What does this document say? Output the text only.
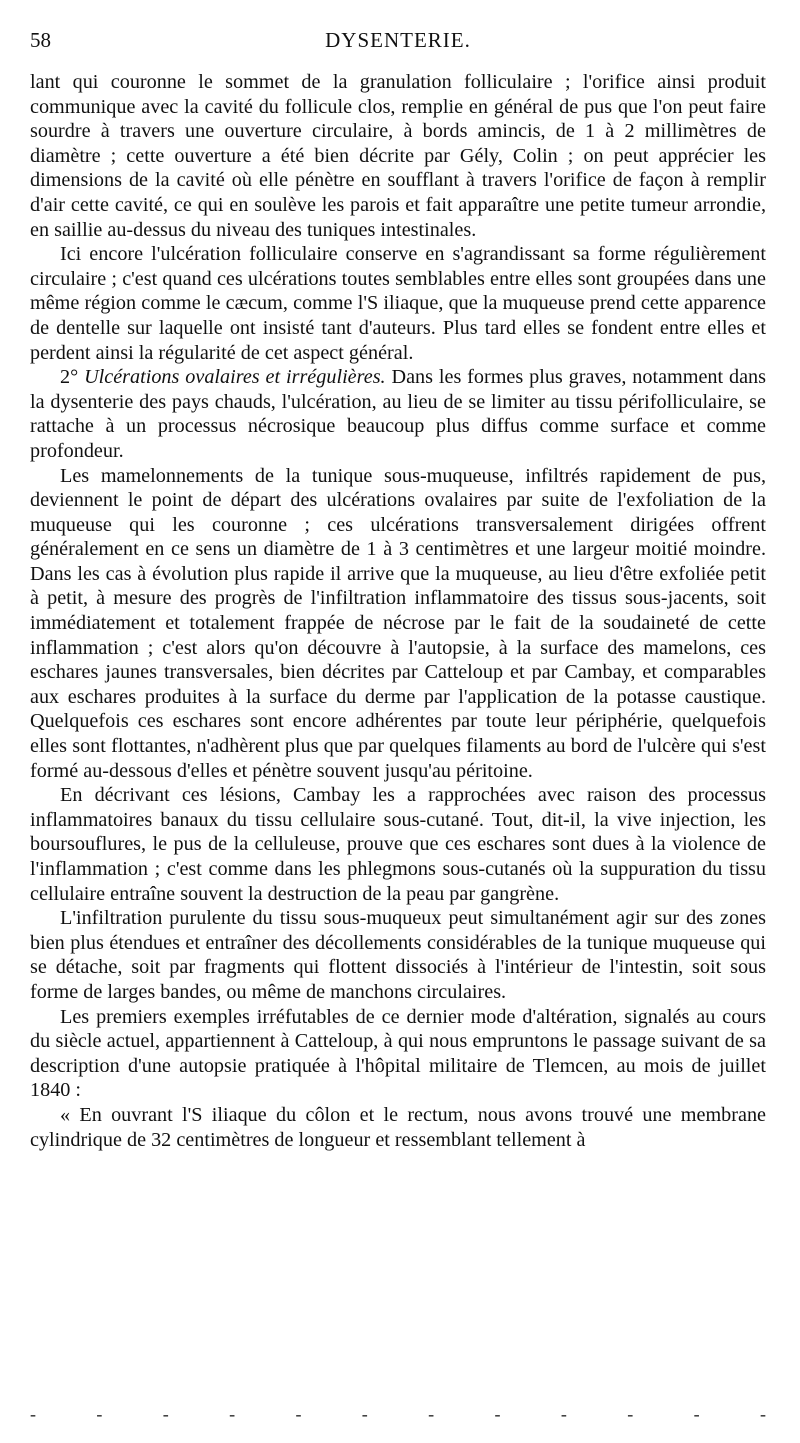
58	DYSENTERIE.

lant qui couronne le sommet de la granulation folliculaire ; l'orifice ainsi produit communique avec la cavité du follicule clos, remplie en général de pus que l'on peut faire sourdre à travers une ouverture circulaire, à bords amincis, de 1 à 2 millimètres de diamètre ; cette ouverture a été bien décrite par Gély, Colin ; on peut apprécier les dimensions de la cavité où elle pénètre en soufflant à travers l'orifice de façon à remplir d'air cette cavité, ce qui en soulève les parois et fait apparaître une petite tumeur arrondie, en saillie au-dessus du niveau des tuniques intestinales.

Ici encore l'ulcération folliculaire conserve en s'agrandissant sa forme régulièrement circulaire ; c'est quand ces ulcérations toutes semblables entre elles sont groupées dans une même région comme le cæcum, comme l'S iliaque, que la muqueuse prend cette apparence de dentelle sur laquelle ont insisté tant d'auteurs. Plus tard elles se fondent entre elles et perdent ainsi la régularité de cet aspect général.

2° Ulcérations ovalaires et irrégulières. Dans les formes plus graves, notamment dans la dysenterie des pays chauds, l'ulcération, au lieu de se limiter au tissu périfolliculaire, se rattache à un processus nécrosique beaucoup plus diffus comme surface et comme profondeur.

Les mamelonnements de la tunique sous-muqueuse, infiltrés rapidement de pus, deviennent le point de départ des ulcérations ovalaires par suite de l'exfoliation de la muqueuse qui les couronne ; ces ulcérations transversalement dirigées offrent généralement en ce sens un diamètre de 1 à 3 centimètres et une largeur moitié moindre. Dans les cas à évolution plus rapide il arrive que la muqueuse, au lieu d'être exfoliée petit à petit, à mesure des progrès de l'infiltration inflammatoire des tissus sous-jacents, soit immédiatement et totalement frappée de nécrose par le fait de la soudaineté de cette inflammation ; c'est alors qu'on découvre à l'autopsie, à la surface des mamelons, ces eschares jaunes transversales, bien décrites par Catteloup et par Cambay, et comparables aux eschares produites à la surface du derme par l'application de la potasse caustique. Quelquefois ces eschares sont encore adhérentes par toute leur périphérie, quelquefois elles sont flottantes, n'adhèrent plus que par quelques filaments au bord de l'ulcère qui s'est formé au-dessous d'elles et pénètre souvent jusqu'au péritoine.

En décrivant ces lésions, Cambay les a rapprochées avec raison des processus inflammatoires banaux du tissu cellulaire sous-cutané. Tout, dit-il, la vive injection, les boursouflures, le pus de la celluleuse, prouve que ces eschares sont dues à la violence de l'inflammation ; c'est comme dans les phlegmons sous-cutanés où la suppuration du tissu cellulaire entraîne souvent la destruction de la peau par gangrène.

L'infiltration purulente du tissu sous-muqueux peut simultanément agir sur des zones bien plus étendues et entraîner des décollements considérables de la tunique muqueuse qui se détache, soit par fragments qui flottent dissociés à l'intérieur de l'intestin, soit sous forme de larges bandes, ou même de manchons circulaires.

Les premiers exemples irréfutables de ce dernier mode d'altération, signalés au cours du siècle actuel, appartiennent à Catteloup, à qui nous empruntons le passage suivant de sa description d'une autopsie pratiquée à l'hôpital militaire de Tlemcen, au mois de juillet 1840 :

« En ouvrant l'S iliaque du côlon et le rectum, nous avons trouvé une membrane cylindrique de 32 centimètres de longueur et ressemblant tellement à

-	-	-	-	-	-	-	-	-	-	-	-
